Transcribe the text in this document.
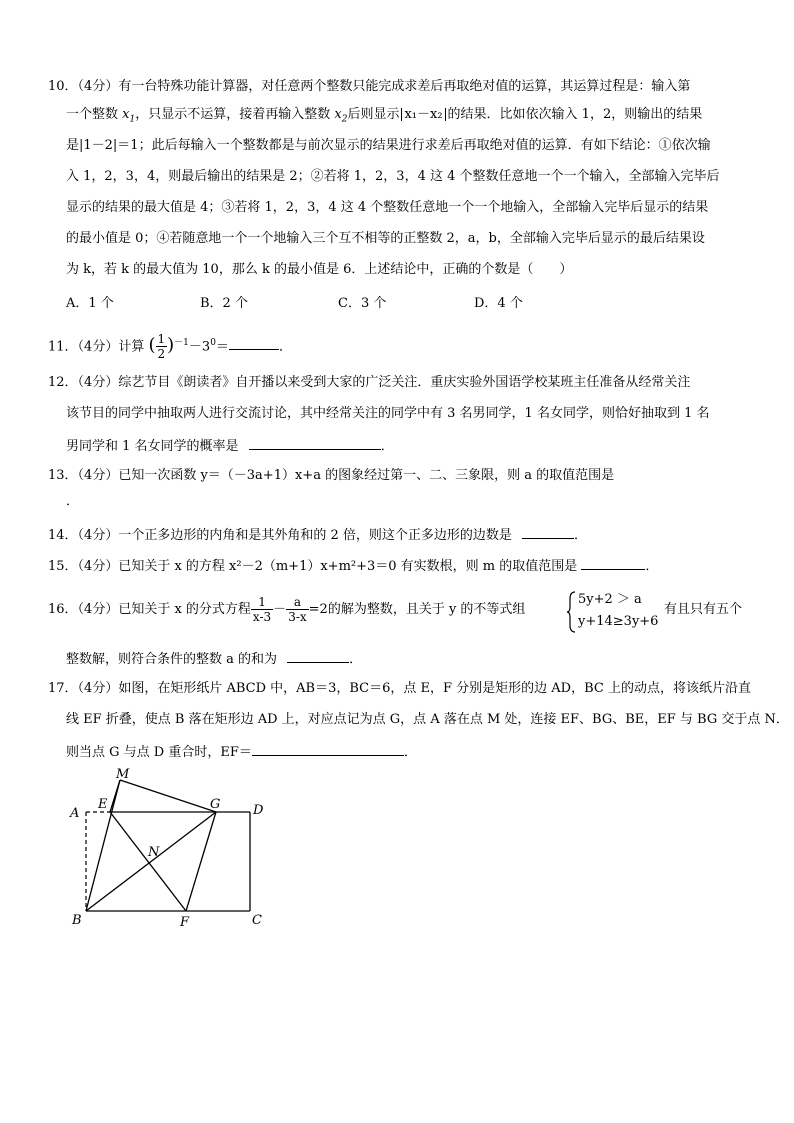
10．（4分）有一台特殊功能计算器，对任意两个整数只能完成求差后再取绝对值的运算，其运算过程是：输入第
一个整数 $x_1$，只显示不运算，接着再输入整数 $x_2$后则显示 x₁－x₂ 的结果．比如依次输入 1，2，则输出的结果
是|1－2|＝1；此后每输入一个整数都是与前次显示的结果进行求差后再取绝对值的运算．有如下结论：①依次输
入 1，2，3，4，则最后输出的结果是 2；②若将 1，2，3，4 这 4 个整数任意地一个一个输入，全部输入完毕后
显示的结果的最大值是 4；③若将 1，2，3，4 这 4 个整数任意地一个一个地输入，全部输入完毕后显示的结果
的最小值是 0；④若随意地一个一个地输入三个互不相等的正整数 2，a，b，全部输入完毕后显示的最后结果设
为 k，若 k 的最大值为 10，那么 k 的最小值是 6．上述结论中，正确的个数是（　　）
A．1 个	B．2 个	C．3 个	D．4 个
11．（4分）计算 ( $\frac{1}{2} )^{-1}-3^0=$	．
12．（4分）综艺节目《朗读者》自开播以来受到大家的广泛关注．重庆实验外国语学校某班主任准备从经常关注
该节目的同学中抽取两人进行交流讨论，其中经常关注的同学中有 3 名男同学，1 名女同学，则恰好抽取到 1 名
男同学和 1 名女同学的概率是	．
13．（4分）已知一次函数 y＝（－3a+1）x+a 的图象经过第一、二、三象限，则 a 的取值范围是
．
14．（4分）一个正多边形的内角和是其外角和的 2 倍，则这个正多边形的边数是	．
15．（4分）已知关于 x 的方程 x²－2（m+1）x+m²+3＝0 有实数根，则 m 的取值范围是	．
16．（4分）已知关于 x 的分式方程 $\frac{1}{x-3} - \frac{a}{3-x} =2$的解为整数，且关于 y 的不等式组
5y+2 ＞ a
y+14≥3y+6
有且只有五个
整数解，则符合条件的整数 a 的和为	．
17．（4分）如图，在矩形纸片 ABCD 中，AB＝3，BC＝6，点 E，F 分别是矩形的边 AD，BC 上的动点，将该纸片沿直
线 EF 折叠，使点 B 落在矩形边 AD 上，对应点记为点 G，点 A 落在点 M 处，连接 EF、BG、BE，EF 与 BG 交于点 N．
则当点 G 与点 D 重合时，EF＝	．
M
E	G	D
A
N
B	F	C
